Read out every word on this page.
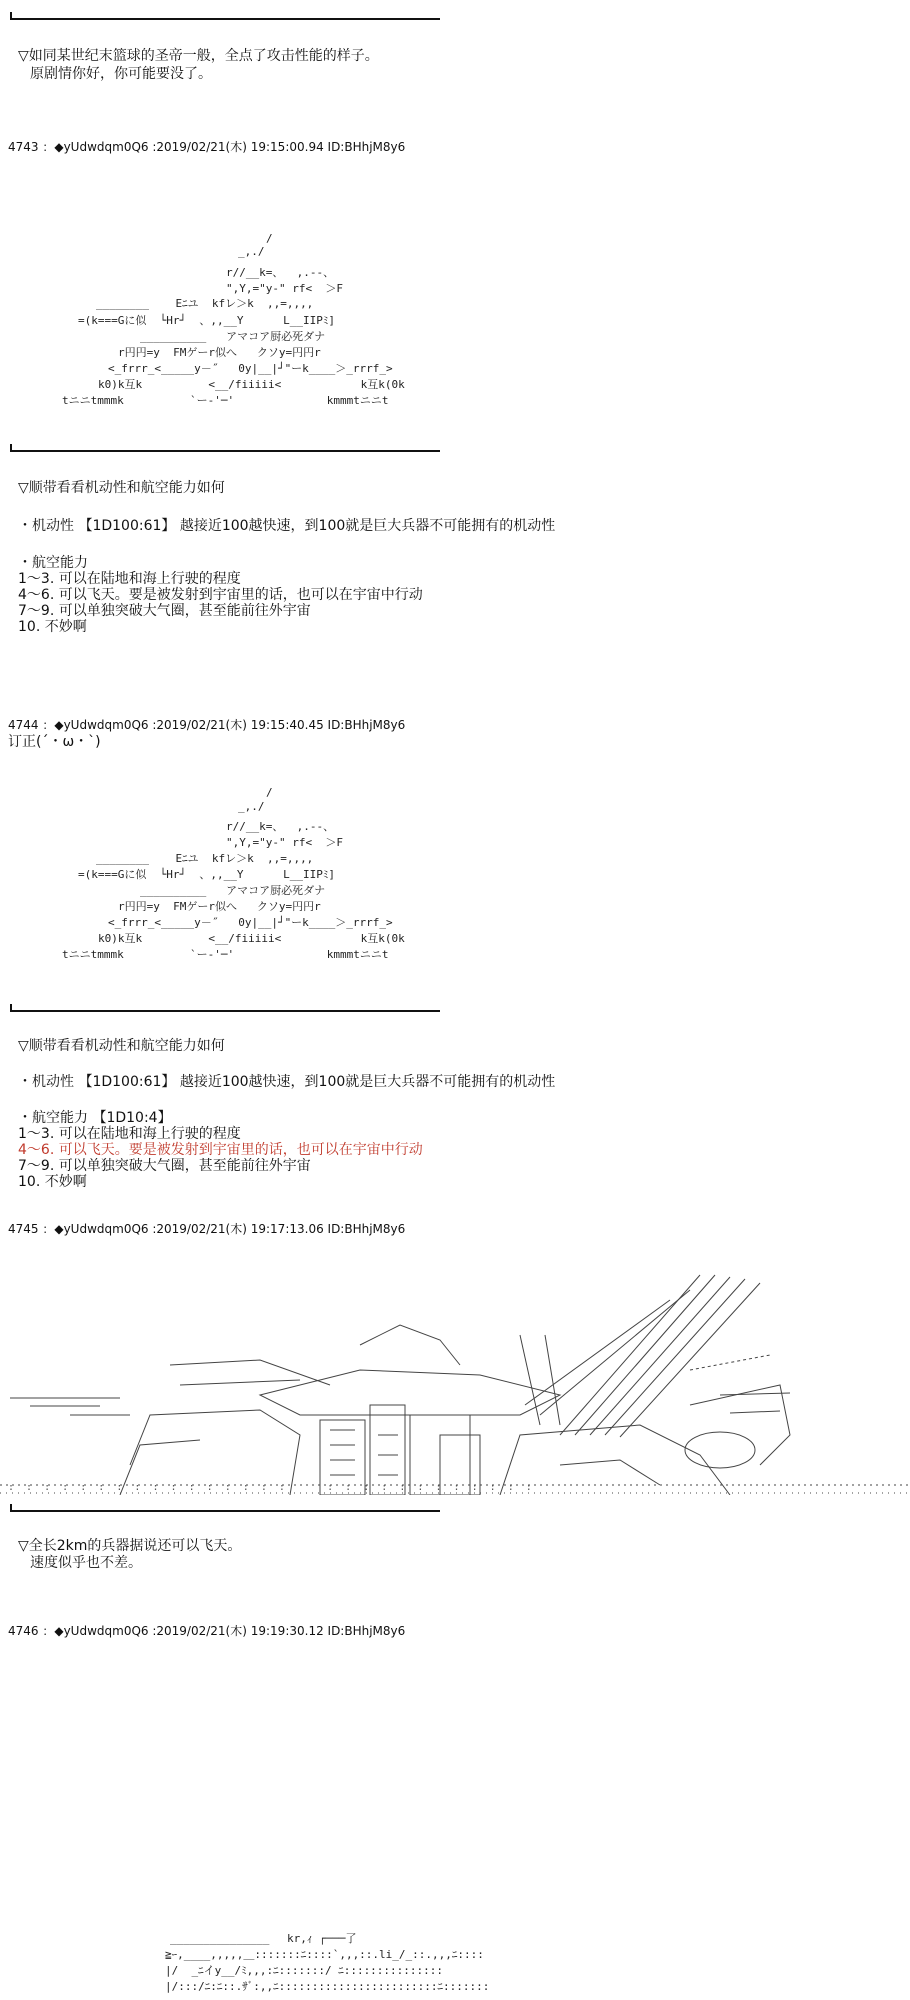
▽如同某世纪末篮球的圣帝一般，全点了攻击性能的样子。
原剧情你好，你可能要没了。
4743 ：◆yUdwdqm0Q6 :2019/02/21(木) 19:15:00.94 ID:BHhjM8y6
/
_,./
r//__k=、  ,.--、
",Y,="y-" rf<  ＞F
________    Eﾆユ  kfレ＞k  ,,=,,,,
=(k===Gに似  └Hr┘  、,,__Y      L__IIPﾐ]
__________   アマコア厨必死ダナ
r円円=y  FMゲーr似へ   クソy=円円r
<_frrr_<_____y－˝   0y|__|┘"ーk____＞_rrrf_>
k0)k互k          <__/fiiiii<            k互k(0k
tニニtmmmk          `ー‐'─'              kmmmtニニt
▽顺带看看机动性和航空能力如何
・机动性 【1D100:61】 越接近100越快速，到100就是巨大兵器不可能拥有的机动性
・航空能力
1～3. 可以在陆地和海上行驶的程度
4～6. 可以飞天。要是被发射到宇宙里的话，也可以在宇宙中行动
7～9. 可以单独突破大气圈，甚至能前往外宇宙
10. 不妙啊
4744 ：◆yUdwdqm0Q6 :2019/02/21(木) 19:15:40.45 ID:BHhjM8y6
订正(´・ω・`)
/
_,./
r//__k=、  ,.--、
",Y,="y-" rf<  ＞F
________    Eﾆユ  kfレ＞k  ,,=,,,,
=(k===Gに似  └Hr┘  、,,__Y      L__IIPﾐ]
__________   アマコア厨必死ダナ
r円円=y  FMゲーr似へ   クソy=円円r
<_frrr_<_____y－˝   0y|__|┘"ーk____＞_rrrf_>
k0)k互k          <__/fiiiii<            k互k(0k
tニニtmmmk          `ー‐'─'              kmmmtニニt
▽顺带看看机动性和航空能力如何
・机动性 【1D100:61】 越接近100越快速，到100就是巨大兵器不可能拥有的机动性
・航空能力 【1D10:4】
1～3. 可以在陆地和海上行驶的程度
4～6. 可以飞天。要是被发射到宇宙里的话，也可以在宇宙中行动
7～9. 可以单独突破大气圈，甚至能前往外宇宙
10. 不妙啊
4745 ：◆yUdwdqm0Q6 :2019/02/21(木) 19:17:13.06 ID:BHhjM8y6
:  :  :  :  :  :  :  :  :  :  :  :  :  :  :  :       :  :  :  :  :  :  :  :  :  :  :  :
▽全长2km的兵器据说还可以飞天。
速度似乎也不差。
4746 ：◆yUdwdqm0Q6 :2019/02/21(木) 19:19:30.12 ID:BHhjM8y6
_______________ 　kr,ｨ ┌───了
≧ｰ,____,,,,,＿:::::::ﾆ::::`,,,::.li_/_::.,,,ﾆ::::
|/  _ﾆイy__/ﾐ,,,:ﾆ:::::::/ ﾆ:::::::::::::::
|/:::/ﾆ:ﾆ::.ｻﾞ:,,ﾆ::::::::::::::::::::::::ﾆ:::::::
